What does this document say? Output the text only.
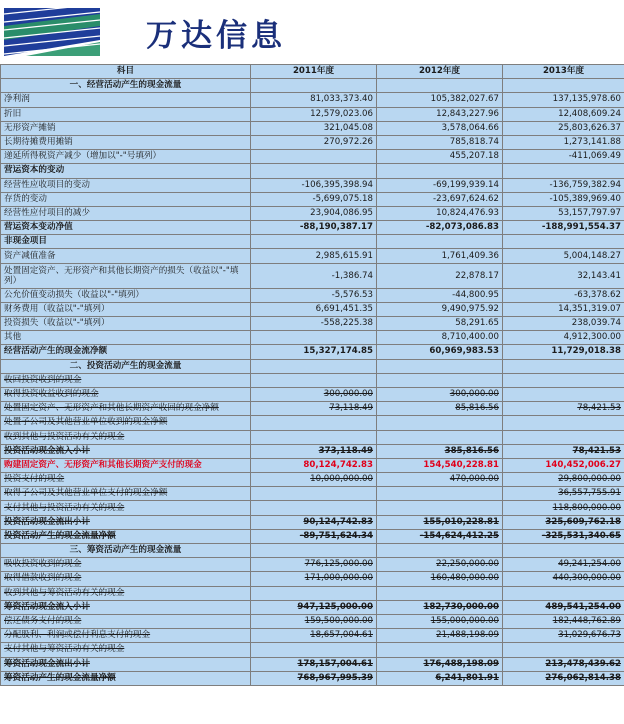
万达信息
科目	2011年度	2012年度	2013年度
一、经营活动产生的现金流量			
净利润	81,033,373.40	105,382,027.67	137,135,978.60
折旧	12,579,023.06	12,843,227.96	12,408,609.24
无形资产摊销	321,045.08	3,578,064.66	25,803,626.37
长期待摊费用摊销	270,972.26	785,818.74	1,273,141.88
递延所得税资产减少（增加以"-"号填列）		455,207.18	-411,069.49
营运资本的变动			
经营性应收项目的变动	-106,395,398.94	-69,199,939.14	-136,759,382.94
存货的变动	-5,699,075.18	-23,697,624.62	-105,389,969.40
经营性应付项目的减少	23,904,086.95	10,824,476.93	53,157,797.97
营运资本变动净值	-88,190,387.17	-82,073,086.83	-188,991,554.37
非现金项目			
资产减值准备	2,985,615.91	1,761,409.36	5,004,148.27
处置固定资产、无形资产和其他长期资产的损失（收益以"-"填列）	-1,386.74	22,878.17	32,143.41
公允价值变动损失（收益以"-"填列）	-5,576.53	-44,800.95	-63,378.62
财务费用（收益以"-"填列）	6,691,451.35	9,490,975.92	14,351,319.07
投资损失（收益以"-"填列）	-558,225.38	58,291.65	238,039.74
其他		8,710,400.00	4,912,300.00
经营活动产生的现金流净额	15,327,174.85	60,969,983.53	11,729,018.38
二、投资活动产生的现金流量			
收回投资收到的现金			
取得投资收益收到的现金	300,000.00	300,000.00	
处置固定资产、无形资产和其他长期资产收回的现金净额	73,118.49	85,816.56	78,421.53
处置子公司及其他营业单位收到的现金净额			
收到其他与投资活动有关的现金			
投资活动现金流入小计	373,118.49	385,816.56	78,421.53
购建固定资产、无形资产和其他长期资产支付的现金	80,124,742.83	154,540,228.81	140,452,006.27
投资支付的现金	10,000,000.00	470,000.00	29,800,000.00
取得子公司及其他营业单位支付的现金净额			36,557,755.91
支付其他与投资活动有关的现金			118,800,000.00
投资活动现金流出小计	90,124,742.83	155,010,228.81	325,609,762.18
投资活动产生的现金流量净额	-89,751,624.34	-154,624,412.25	-325,531,340.65
三、筹资活动产生的现金流量			
吸收投资收到的现金	776,125,000.00	22,250,000.00	49,241,254.00
取得借款收到的现金	171,000,000.00	160,480,000.00	440,300,000.00
收到其他与筹资活动有关的现金			
筹资活动现金流入小计	947,125,000.00	182,730,000.00	489,541,254.00
偿还债务支付的现金	159,500,000.00	155,000,000.00	182,448,762.89
分配股利、利润或偿付利息支付的现金	18,657,004.61	21,488,198.09	31,029,676.73
支付其他与筹资活动有关的现金			
筹资活动现金流出小计	178,157,004.61	176,488,198.09	213,478,439.62
筹资活动产生的现金流量净额	768,967,995.39	6,241,801.91	276,062,814.38
